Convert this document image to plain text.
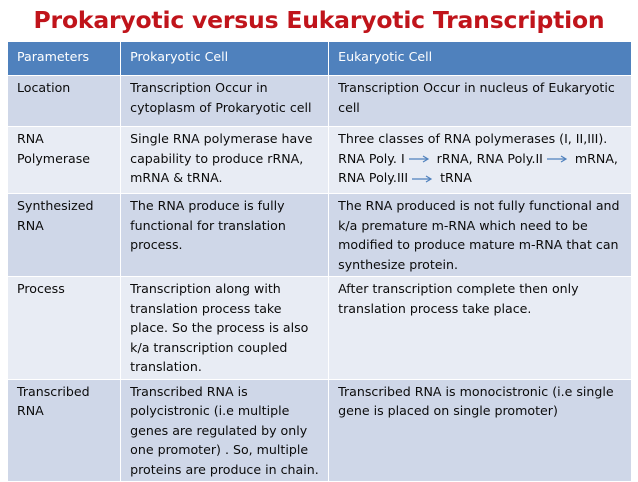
Prokaryotic versus Eukaryotic Transcription
Parameters	Prokaryotic Cell	Eukaryotic Cell
Location	Transcription Occur in cytoplasm of Prokaryotic cell	Transcription Occur in nucleus of Eukaryotic cell
RNA Polymerase	Single RNA polymerase have capability to produce rRNA, mRNA & tRNA.	Three classes of RNA polymerases (I, II,III). RNA Poly. I rRNA, RNA Poly.II mRNA, RNA Poly.III tRNA
Synthesized RNA	The RNA produce is fully functional for translation process.	The RNA produced is not fully functional and k/a premature m-RNA which need to be modified to produce mature m-RNA that can synthesize protein.
Process	Transcription along with translation process take place. So the process is also k/a transcription coupled translation.	After transcription complete then only translation process take place.
Transcribed RNA	Transcribed RNA is polycistronic (i.e multiple genes are regulated by only one promoter) . So, multiple proteins are produce in chain.	Transcribed RNA is monocistronic (i.e single gene is placed on single promoter)
